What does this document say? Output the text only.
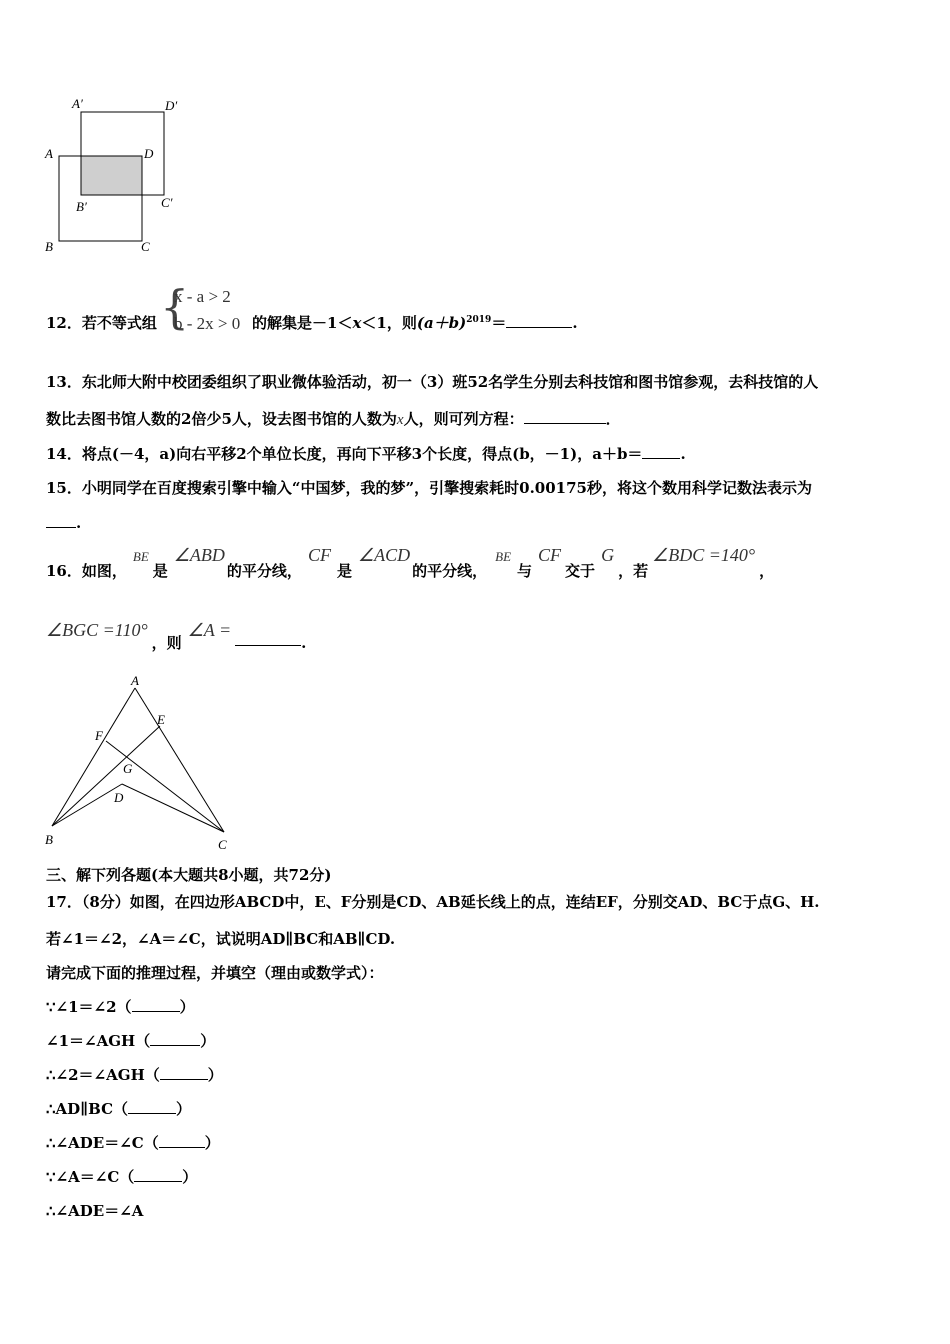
A′	D′
A	D
B′	C′
B	C
12．若不等式组 {
x - a > 2
b - 2x > 0 的解集是－1＜x＜1，则$(a+b)^{2019}=$	.
13．东北师大附中校团委组织了职业微体验活动，初一（3）班52名学生分别去科技馆和图书馆参观，去科技馆的人
数比去图书馆人数的2倍少5人，设去图书馆的人数为x人，则可列方程：	．
14．将点(－4，a)向右平移2个单位长度，再向下平移3个长度，得点(b，－1)，a＋b＝	.
15．小明同学在百度搜索引擎中输入“中国梦，我的梦”，引擎搜索耗时0.00175秒，将这个数用科学记数法表示为
.
16．如图，BE是∠ABD的平分线，CF是∠ACD的平分线，BE与CF交于G，若∠BDC =140°，
∠BGC =110°，则∠A =.
A
E
F
G
D
B	C
三、解下列各题(本大题共8小题，共72分)
17．（8分）如图，在四边形ABCD中，E、F分别是CD、AB延长线上的点，连结EF，分别交AD、BC于点G、H.
若∠1＝∠2，∠A＝∠C，试说明AD∥BC和AB∥CD.
请完成下面的推理过程，并填空（理由或数学式）：
∵∠1＝∠2（	）
∠1＝∠AGH（	）
∴∠2＝∠AGH（	）
∴AD∥BC（	）
∴∠ADE＝∠C（	）
∵∠A＝∠C（	）
∴∠ADE＝∠A
